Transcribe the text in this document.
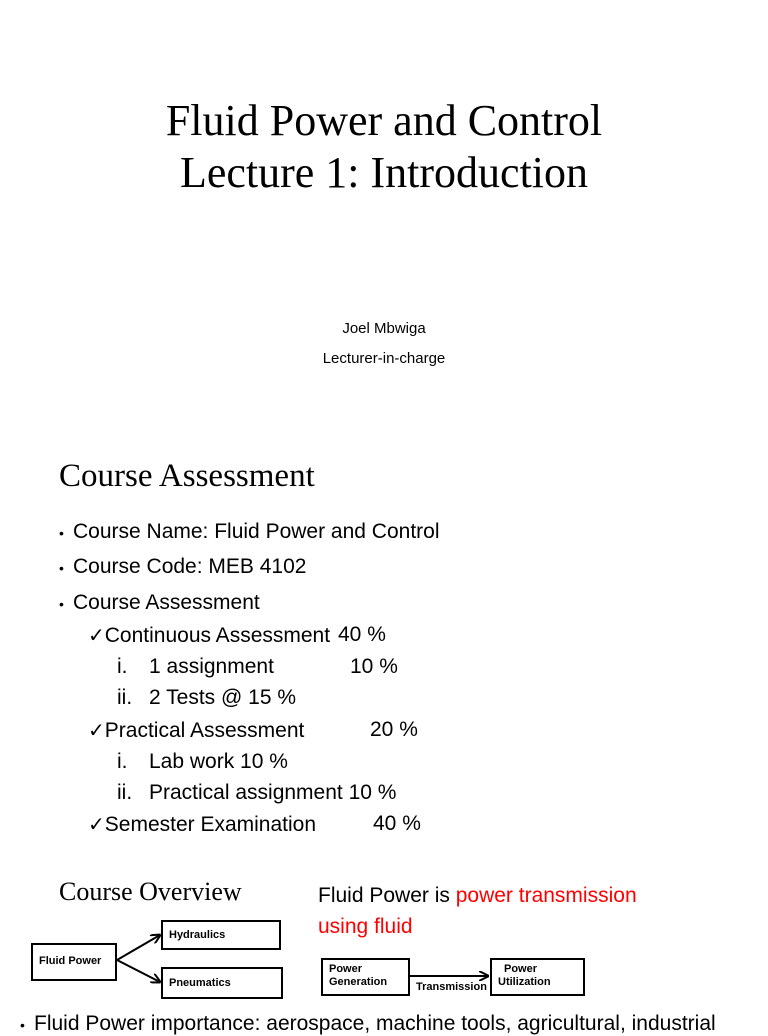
Fluid Power and Control
Lecture 1: Introduction
Joel Mbwiga
Lecturer-in-charge
Course Assessment
• Course Name: Fluid Power and Control
• Course Code: MEB 4102
• Course Assessment
✓Continuous Assessment 40 %
i. 1 assignment	10 %
ii. 2 Tests @ 15 %
✓Practical Assessment	20 %
i. Lab work 10 %
ii. Practical assignment 10 %
✓Semester Examination	40 %
Course Overview	Fluid Power is power transmission
using fluid
Fluid Power
Hydraulics
Pneumatics
Power
Generation	Transmission
Power
Utilization
• Fluid Power importance: aerospace, machine tools, agricultural, industrial
